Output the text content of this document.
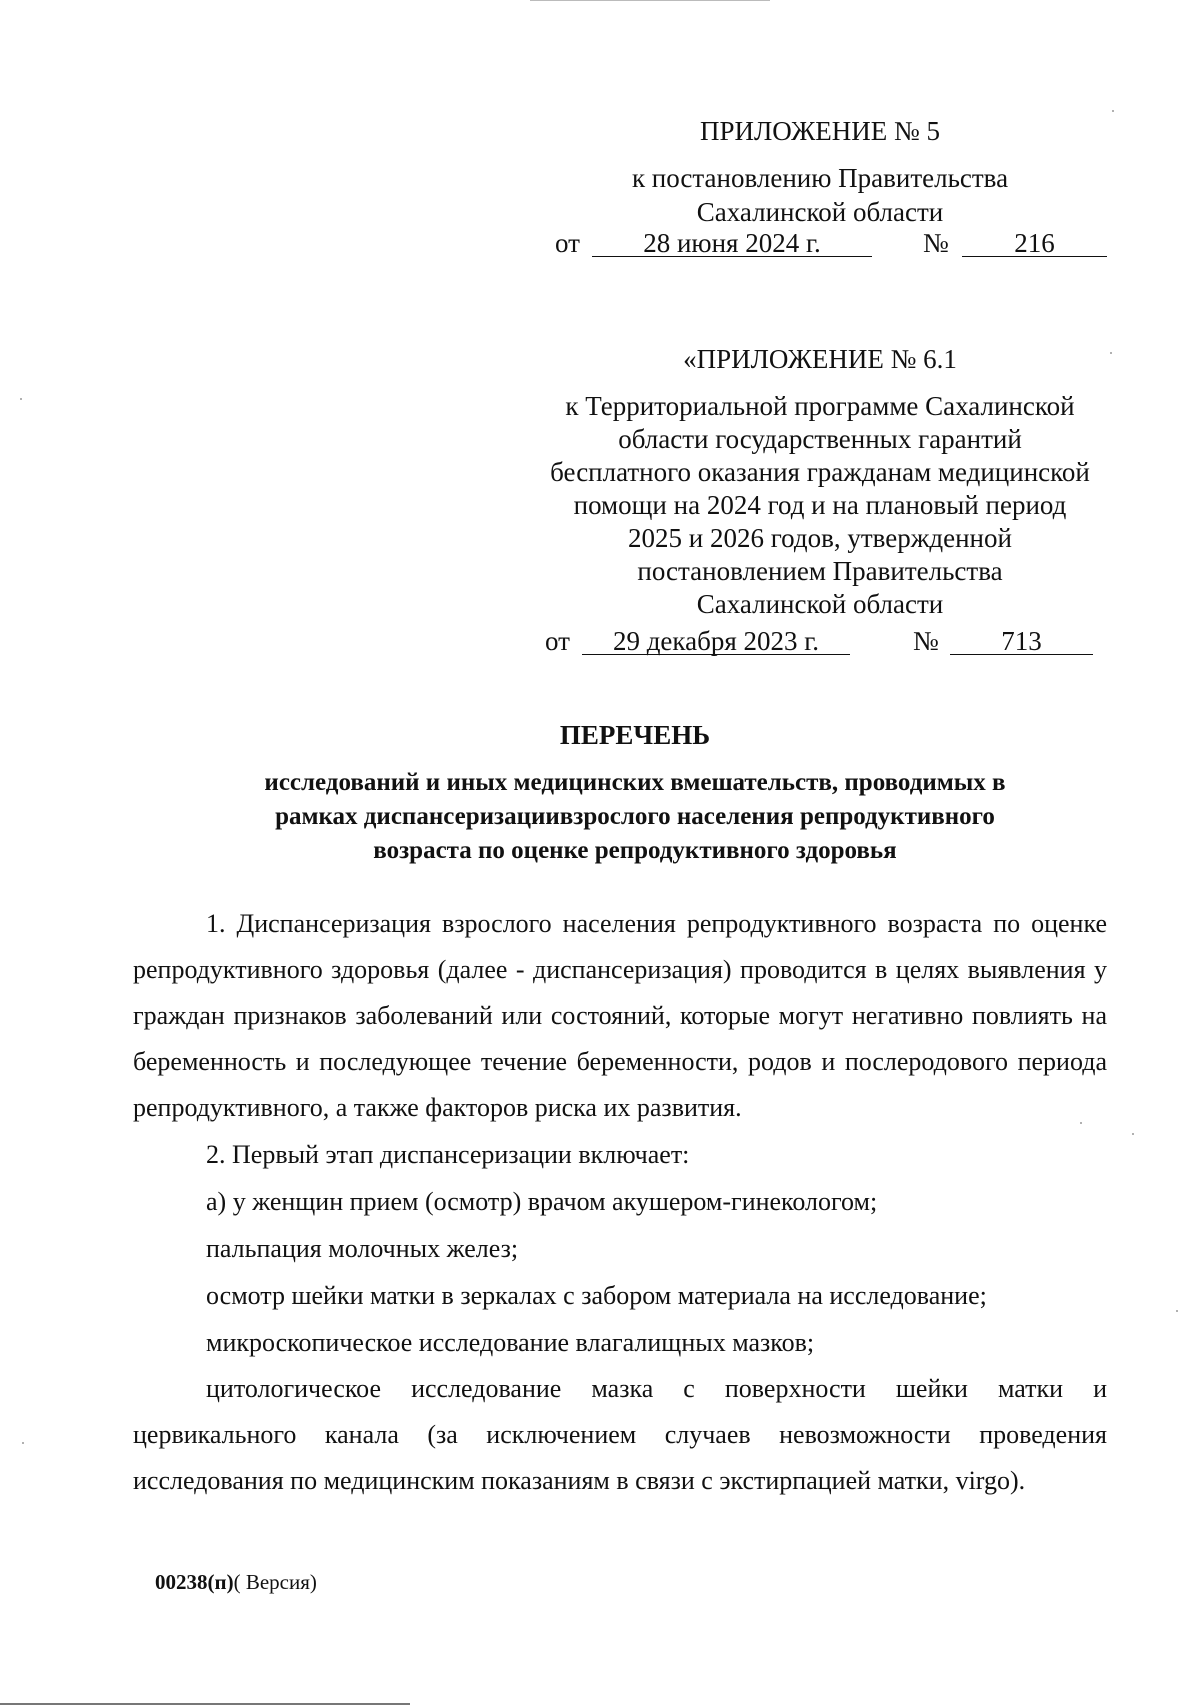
ПРИЛОЖЕНИЕ № 5
к постановлению Правительства
Сахалинской области
от	28 июня 2024 г.	№	216
«ПРИЛОЖЕНИЕ № 6.1
к Территориальной программе Сахалинской
области государственных гарантий
бесплатного оказания гражданам медицинской
помощи на 2024 год и на плановый период
2025 и 2026 годов, утвержденной
постановлением Правительства
Сахалинской области
от	29 декабря 2023 г.	№	713
ПЕРЕЧЕНЬ
исследований и иных медицинских вмешательств, проводимых в
рамках диспансеризациивзрослого населения репродуктивного
возраста по оценке репродуктивного здоровья

1. Диспансеризация взрослого населения репродуктивного возраста по оценке репродуктивного здоровья (далее - диспансеризация) проводится в целях выявления у граждан признаков заболеваний или состояний, которые могут негативно повлиять на беременность и последующее течение беременности, родов и послеродового периода репродуктивного, а также факторов риска их развития.

2. Первый этап диспансеризации включает:

а) у женщин прием (осмотр) врачом акушером-гинекологом;

пальпация молочных желез;

осмотр шейки матки в зеркалах с забором материала на исследование;

микроскопическое исследование влагалищных мазков;

цитологическое исследование мазка с поверхности шейки матки и цервикального канала (за исключением случаев невозможности проведения исследования по медицинским показаниям в связи с экстирпацией матки, virgo).

00238(п)( Версия)
